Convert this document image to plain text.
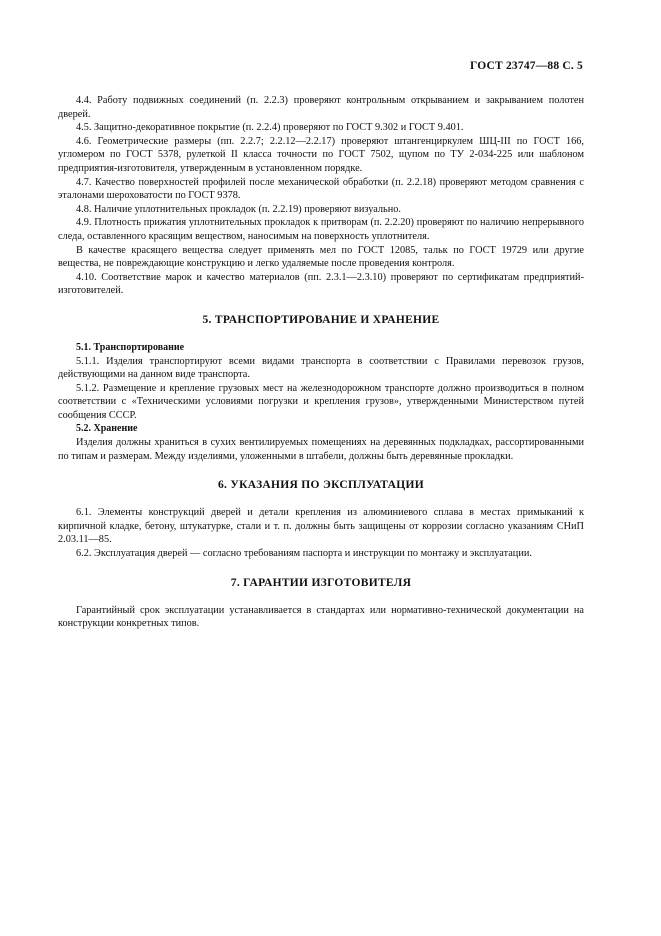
ГОСТ 23747—88 С. 5

4.4. Работу подвижных соединений (п. 2.2.3) проверяют контрольным открыванием и закрыванием полотен дверей.

4.5. Защитно-декоративное покрытие (п. 2.2.4) проверяют по ГОСТ 9.302 и ГОСТ 9.401.

4.6. Геометрические размеры (пп. 2.2.7; 2.2.12—2.2.17) проверяют штангенциркулем ШЦ-III по ГОСТ 166, угломером по ГОСТ 5378, рулеткой II класса точности по ГОСТ 7502, щупом по ТУ 2-034-225 или шаблоном предприятия-изготовителя, утвержденным в установленном порядке.

4.7. Качество поверхностей профилей после механической обработки (п. 2.2.18) проверяют методом сравнения с эталонами шероховатости по ГОСТ 9378.

4.8. Наличие уплотнительных прокладок (п. 2.2.19) проверяют визуально.

4.9. Плотность прижатия уплотнительных прокладок к притворам (п. 2.2.20) проверяют по наличию непрерывного следа, оставленного красящим веществом, наносимым на поверхность уплотнителя.

В качестве красящего вещества следует применять мел по ГОСТ 12085, тальк по ГОСТ 19729 или другие вещества, не повреждающие конструкцию и легко удаляемые после проведения контроля.

4.10. Соответствие марок и качество материалов (пп. 2.3.1—2.3.10) проверяют по сертификатам предприятий-изготовителей.

5. ТРАНСПОРТИРОВАНИЕ И ХРАНЕНИЕ

5.1. Транспортирование

5.1.1. Изделия транспортируют всеми видами транспорта в соответствии с Правилами перевозок грузов, действующими на данном виде транспорта.

5.1.2. Размещение и крепление грузовых мест на железнодорожном транспорте должно производиться в полном соответствии с «Техническими условиями погрузки и крепления грузов», утвержденными Министерством путей сообщения СССР.

5.2. Хранение

Изделия должны храниться в сухих вентилируемых помещениях на деревянных подкладках, рассортированными по типам и размерам. Между изделиями, уложенными в штабели, должны быть деревянные прокладки.

6. УКАЗАНИЯ ПО ЭКСПЛУАТАЦИИ

6.1. Элементы конструкций дверей и детали крепления из алюминиевого сплава в местах примыканий к кирпичной кладке, бетону, штукатурке, стали и т. п. должны быть защищены от коррозии согласно указаниям СНиП 2.03.11—85.

6.2. Эксплуатация дверей — согласно требованиям паспорта и инструкции по монтажу и эксплуатации.

7. ГАРАНТИИ ИЗГОТОВИТЕЛЯ

Гарантийный срок эксплуатации устанавливается в стандартах или нормативно-технической документации на конструкции конкретных типов.
